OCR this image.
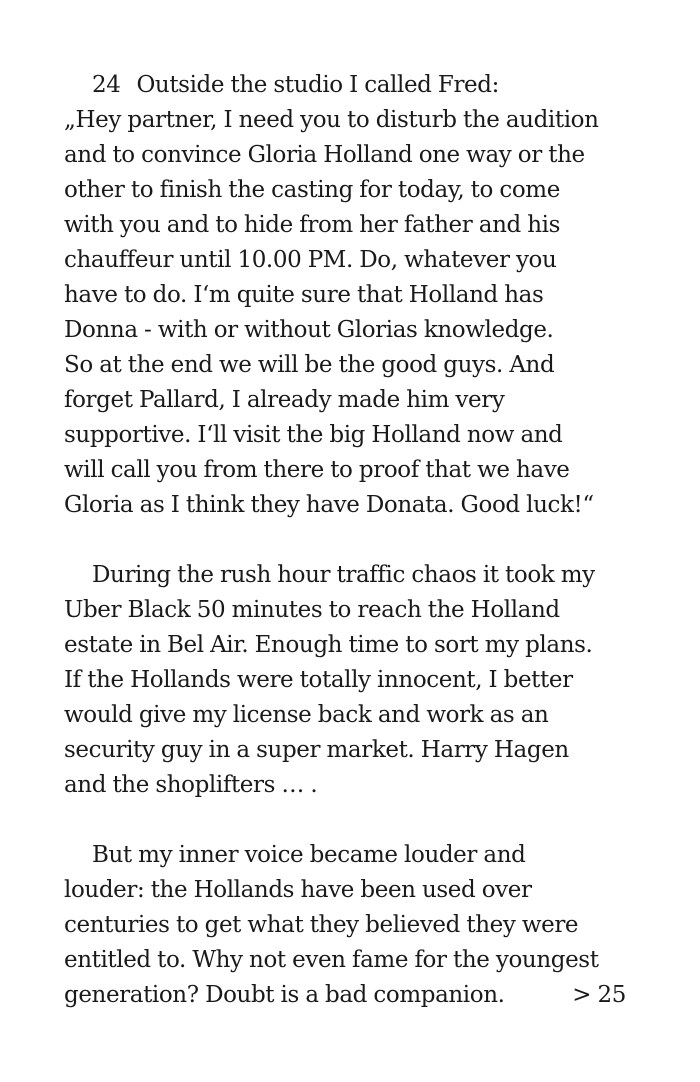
24 Outside the studio I called Fred:
„Hey partner, I need you to disturb the audition
and to convince Gloria Holland one way or the
other to finish the casting for today, to come
with you and to hide from her father and his
chauffeur until 10.00 PM. Do, whatever you
have to do. I‘m quite sure that Holland has
Donna - with or without Glorias knowledge.
So at the end we will be the good guys. And
forget Pallard, I already made him very
supportive. I‘ll visit the big Holland now and
will call you from there to proof that we have
Gloria as I think they have Donata. Good luck!“
During the rush hour traffic chaos it took my
Uber Black 50 minutes to reach the Holland
estate in Bel Air. Enough time to sort my plans.
If the Hollands were totally innocent, I better
would give my license back and work as an
security guy in a super market. Harry Hagen
and the shoplifters … .
But my inner voice became louder and
louder: the Hollands have been used over
centuries to get what they believed they were
entitled to. Why not even fame for the youngest
generation? Doubt is a bad companion.	> 25
